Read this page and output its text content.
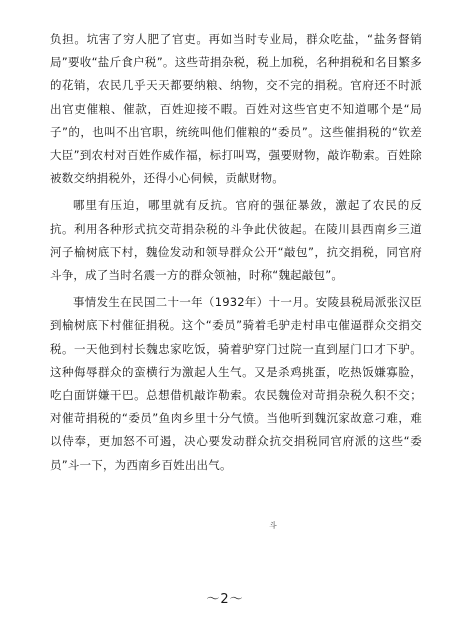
负担。坑害了穷人肥了官吏。再如当时专业局，群众吃盐，“盐务督销局”要收“盐斤食户税”。这些苛捐杂税，税上加税，名种捐税和名目繁多的花销，农民几乎天天都要纳粮、纳物，交不完的捐税。官府还不时派出官吏催粮、催款，百姓迎接不暇。百姓对这些官吏不知道哪个是“局子”的，也叫不出官职，统统叫他们催粮的“委员”。这些催捐税的“钦差大臣”到农村对百姓作威作福，标打叫骂，强要财物，敲诈勒索。百姓除被数交纳捐税外，还得小心伺候，贡献财物。

哪里有压迫，哪里就有反抗。官府的强征暴敛，激起了农民的反抗。利用各种形式抗交苛捐杂税的斗争此伏彼起。在陵川县西南乡三道河子榆树底下村，魏俭发动和领导群众公开“敲包”，抗交捐税，同官府斗争，成了当时名震一方的群众领袖，时称“魏起敲包”。

事情发生在民国二十一年（1932年）十一月。安陵县税局派张汉臣到榆树底下村催征捐税。这个“委员”骑着毛驴走村串屯催逼群众交捐交税。一天他到村长魏忠家吃饭，骑着驴穿门过院一直到屋门口才下驴。这种侮辱群众的蛮横行为激起人生气。又是杀鸡挑蛋，吃热饭嫌寡脸，吃白面饼嫌干巴。总想借机敲诈勒索。农民魏俭对苛捐杂税久积不交；对催苛捐税的“委员”鱼肉乡里十分气愤。当他听到魏沉家故意刁难，难以侍奉，更加怒不可遏，决心要发动群众抗交捐税同官府派的这些“委员”斗一下，为西南乡百姓出出气。

斗
～2～
